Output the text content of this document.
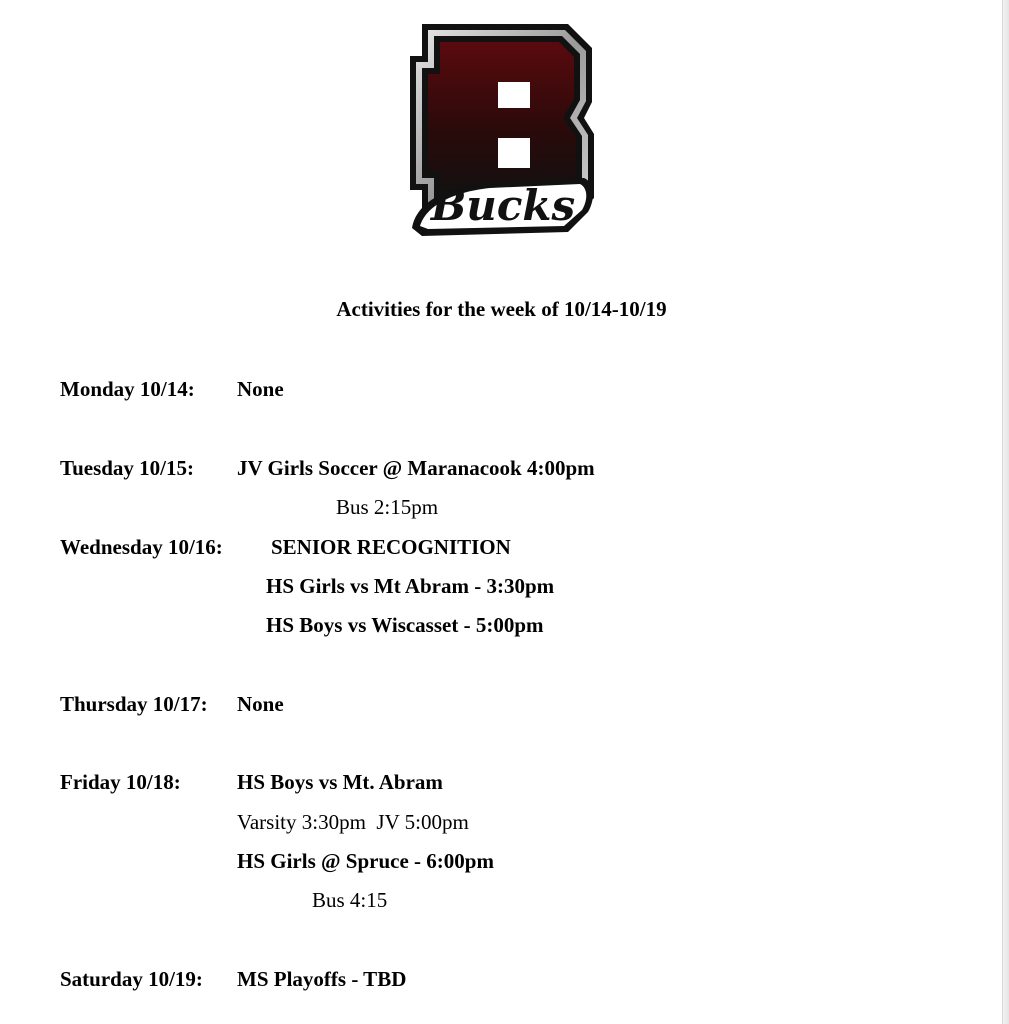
Bucks
Activities for the week of 10/14-10/19
Monday 10/14: None
Tuesday 10/15: JV Girls Soccer @ Maranacook 4:00pm
Bus 2:15pm
Wednesday 10/16: SENIOR RECOGNITION
HS Girls vs Mt Abram - 3:30pm
HS Boys vs Wiscasset - 5:00pm
Thursday 10/17: None
Friday 10/18:	HS Boys vs Mt. Abram
Varsity 3:30pm  JV 5:00pm
HS Girls @ Spruce - 6:00pm
Bus 4:15
Saturday 10/19: MS Playoffs - TBD
